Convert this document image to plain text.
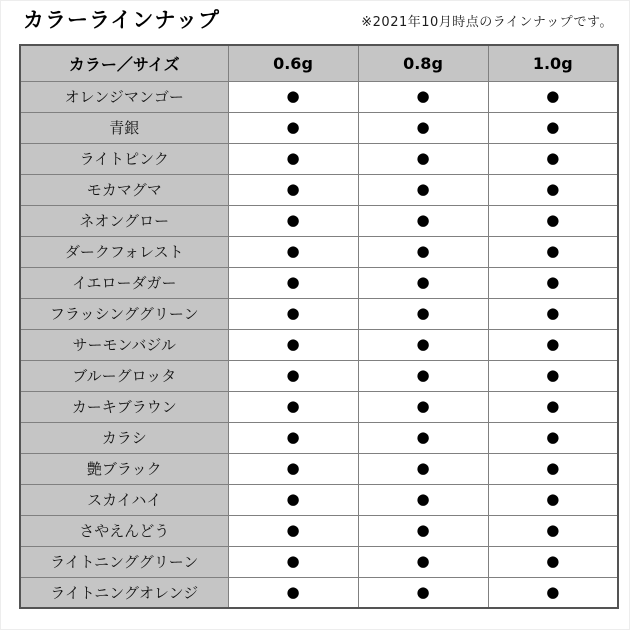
カラーラインナップ	※2021年10月時点のラインナップです。
カラー／サイズ	0.6g	0.8g	1.0g
オレンジマンゴー	●	●	●
青銀	●	●	●
ライトピンク	●	●	●
モカマグマ	●	●	●
ネオングロー	●	●	●
ダークフォレスト	●	●	●
イエローダガー	●	●	●
フラッシンググリーン	●	●	●
サーモンバジル	●	●	●
ブルーグロッタ	●	●	●
カーキブラウン	●	●	●
カラシ	●	●	●
艶ブラック	●	●	●
スカイハイ	●	●	●
さやえんどう	●	●	●
ライトニンググリーン	●	●	●
ライトニングオレンジ	●	●	●
